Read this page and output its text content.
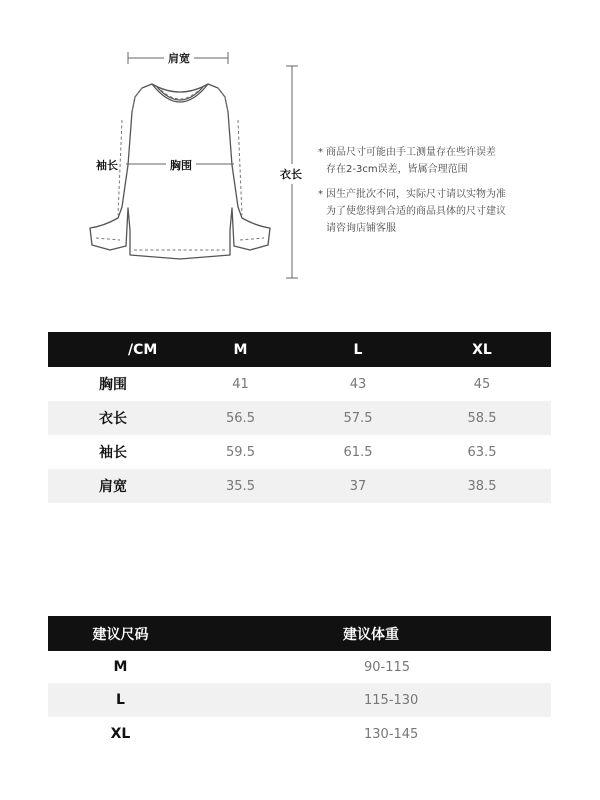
肩宽
袖长	胸围
衣长
* 商品尺寸可能由手工测量存在些许误差
存在2-3cm误差，皆属合理范围
* 因生产批次不同，实际尺寸请以实物为准
为了使您得到合适的商品具体的尺寸建议
请咨询店铺客服
/CM	M	L	XL
胸围	41	43	45
衣长	56.5	57.5	58.5
袖长	59.5	61.5	63.5
肩宽	35.5	37	38.5
建议尺码	建议体重
M	90-115
L	115-130
XL	130-145
